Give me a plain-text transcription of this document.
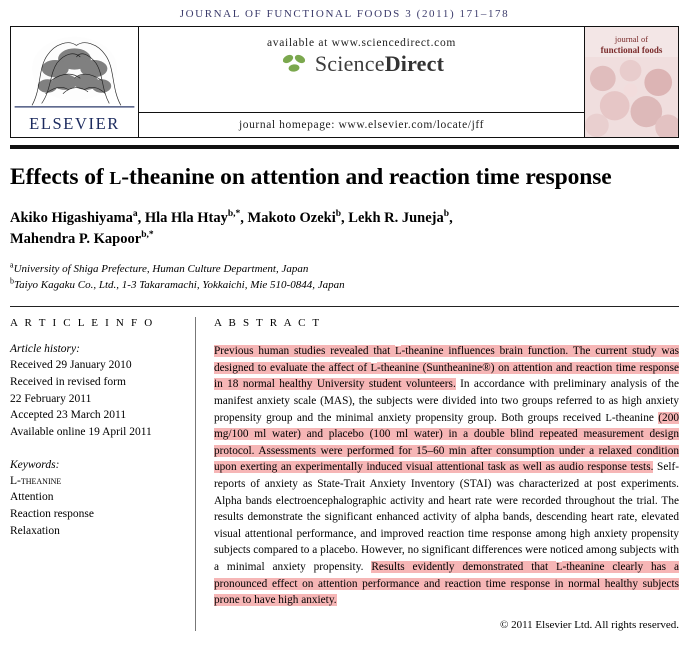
JOURNAL OF FUNCTIONAL FOODS 3 (2011) 171–178
ELSEVIER
available at www.sciencedirect.com
ScienceDirect
journal homepage: www.elsevier.com/locate/jff
journal of
functional foods
Effects of L-theanine on attention and reaction time response
Akiko Higashiyama$^a$, Hla Hla Htay$^{b,*}$, Makoto Ozeki$^b$, Lekh R. Juneja$^b$,
Mahendra P. Kapoor$^{b,*}$
$^a$University of Shiga Prefecture, Human Culture Department, Japan
$^b$Taiyo Kagaku Co., Ltd., 1-3 Takaramachi, Yokkaichi, Mie 510-0844, Japan
A R T I C L E I N F O
Article history:
Received 29 January 2010
Received in revised form
22 February 2011
Accepted 23 March 2011
Available online 19 April 2011
Keywords:
L-theanine
Attention
Reaction response
Relaxation
A B S T R A C T
Previous human studies revealed that L-theanine influences brain function. The current study was designed to evaluate the affect of L-theanine (Suntheanine®) on attention and reaction time response in 18 normal healthy University student volunteers. In accordance with preliminary analysis of the manifest anxiety scale (MAS), the subjects were divided into two groups referred to as high anxiety propensity group and the minimal anxiety propensity group. Both groups received L-theanine (200 mg/100 ml water) and placebo (100 ml water) in a double blind repeated measurement design protocol. Assessments were performed for 15–60 min after consumption under a relaxed condition upon exerting an experimentally induced visual attentional task as well as audio response tests. Self-reports of anxiety as State-Trait Anxiety Inventory (STAI) was characterized at post experiments. Alpha bands electroencephalographic activity and heart rate were recorded throughout the trial. The results demonstrate the significant enhanced activity of alpha bands, descending heart rate, elevated visual attentional performance, and improved reaction time response among high anxiety propensity subjects compared to a placebo. However, no significant differences were noticed among subjects with a minimal anxiety propensity. Results evidently demonstrated that L-theanine clearly has a pronounced effect on attention performance and reaction time response in normal healthy subjects prone to have high anxiety.
© 2011 Elsevier Ltd. All rights reserved.
